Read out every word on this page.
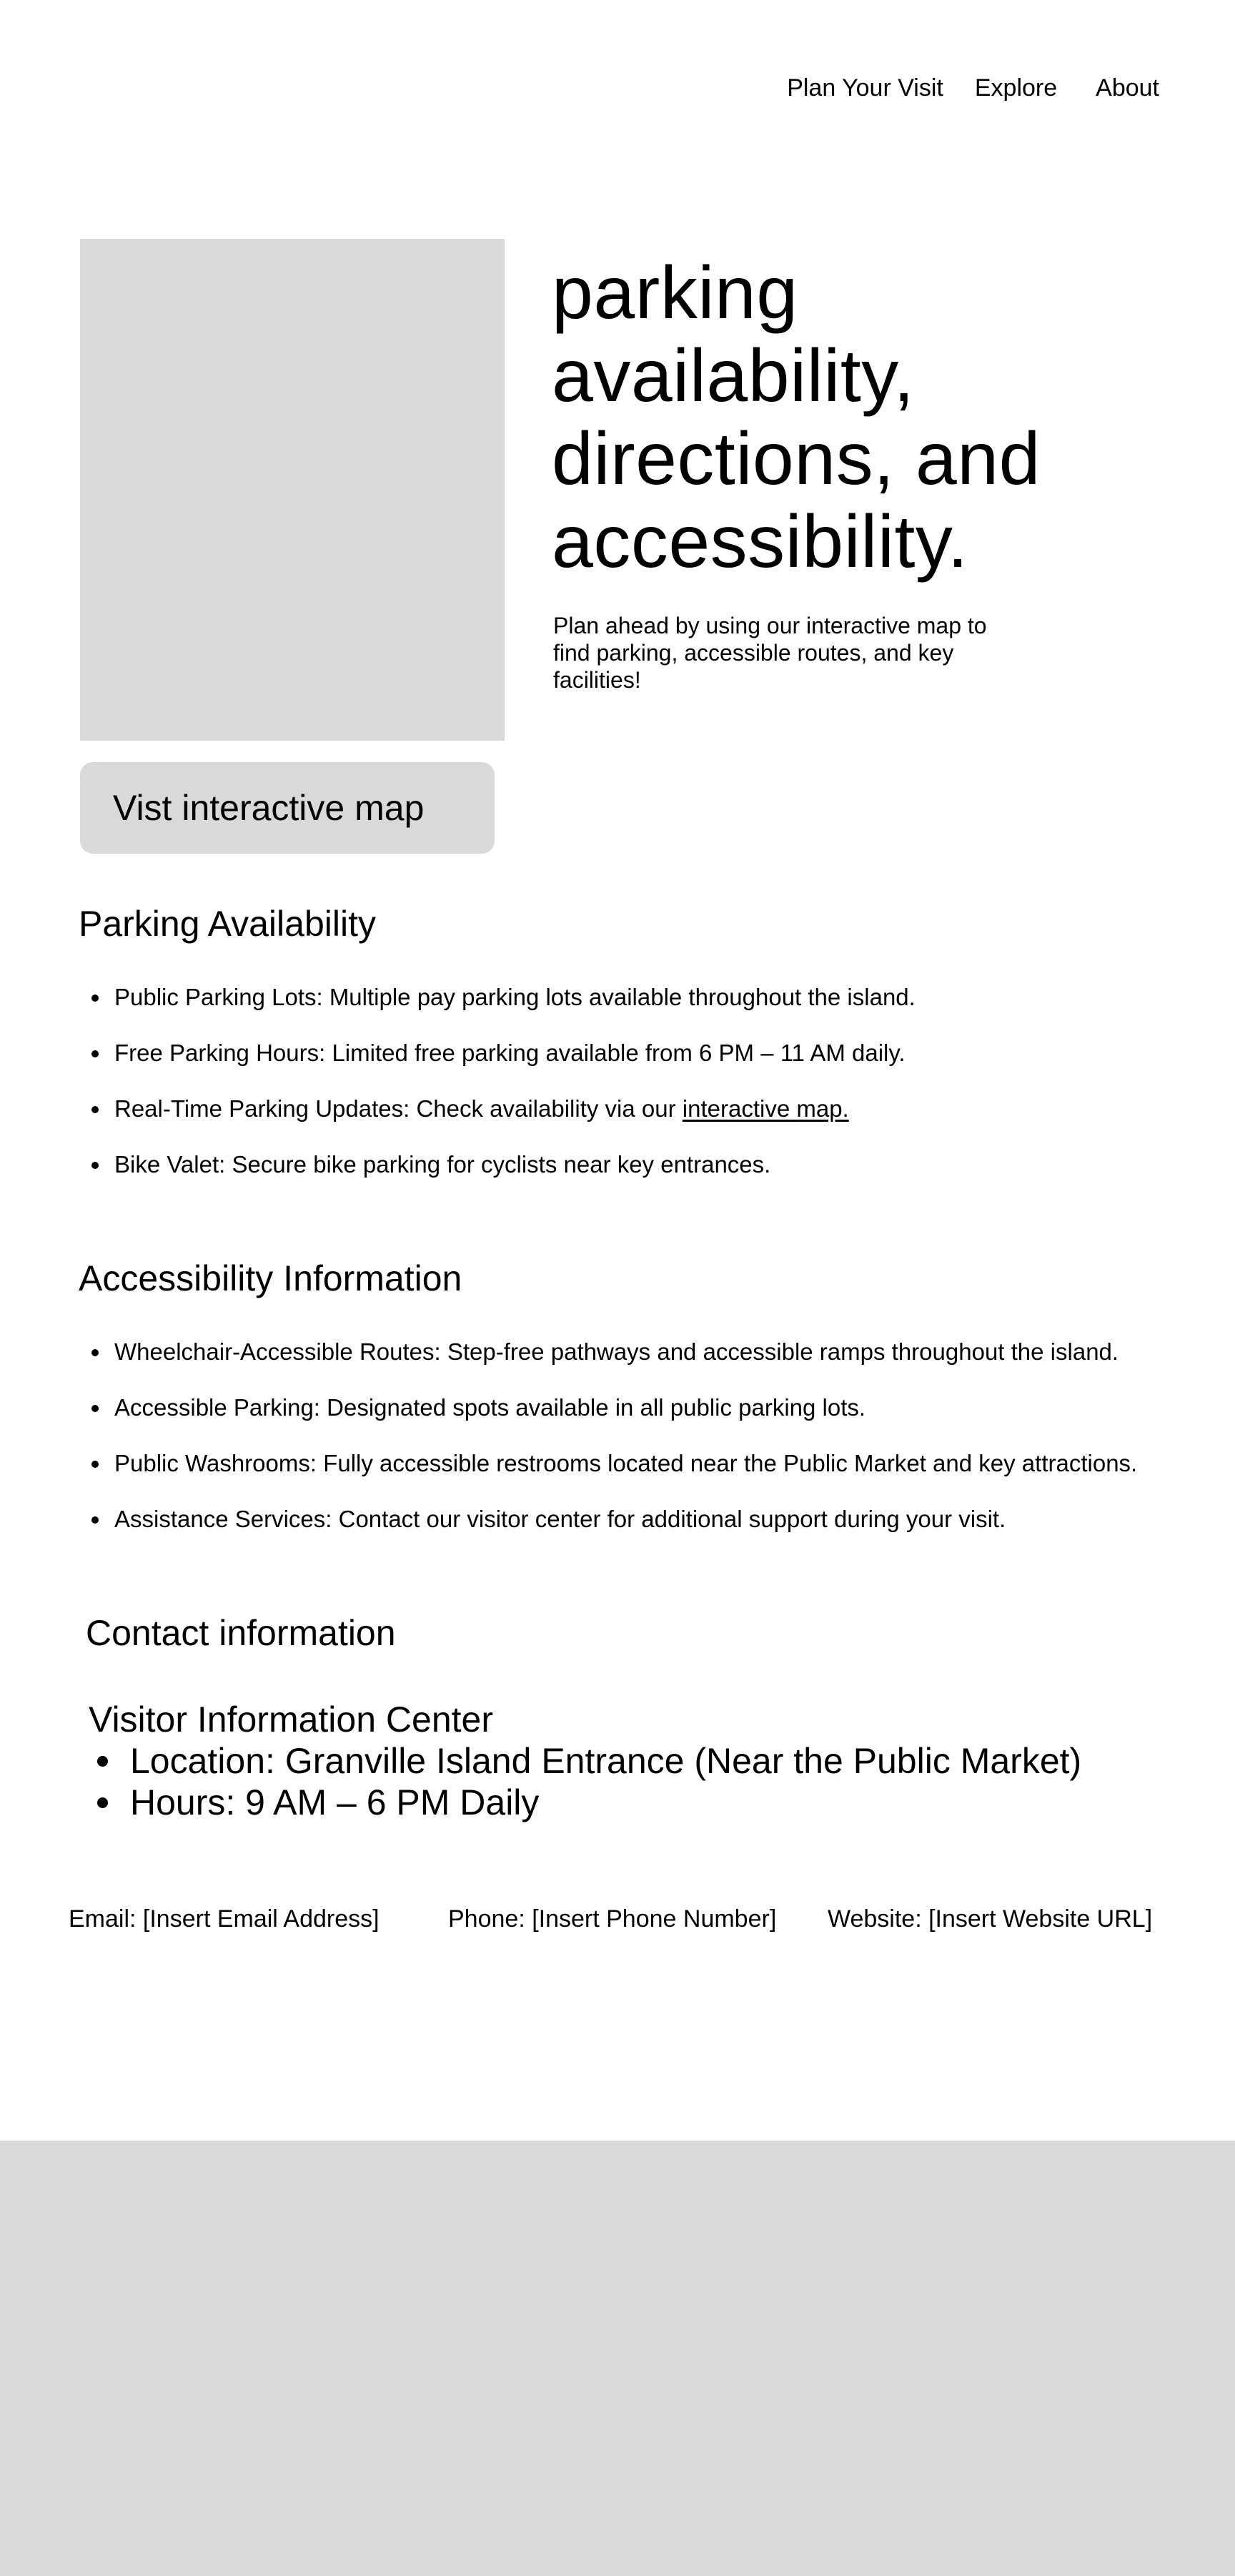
Plan Your Visit	Explore	About
parking availability, directions, and accessibility.

Plan ahead by using our interactive map to find parking, accessible routes, and key facilities!

Vist interactive map
Parking Availability
Public Parking Lots: Multiple pay parking lots available throughout the island.
Free Parking Hours: Limited free parking available from 6 PM – 11 AM daily.
Real-Time Parking Updates: Check availability via our interactive map.
Bike Valet: Secure bike parking for cyclists near key entrances.
Accessibility Information
Wheelchair-Accessible Routes: Step-free pathways and accessible ramps throughout the island.
Accessible Parking: Designated spots available in all public parking lots.
Public Washrooms: Fully accessible restrooms located near the Public Market and key attractions.
Assistance Services: Contact our visitor center for additional support during your visit.
Contact information
Visitor Information Center
Location: Granville Island Entrance (Near the Public Market)
Hours: 9 AM – 6 PM Daily
Email: [Insert Email Address]	Phone: [Insert Phone Number] Website: [Insert Website URL]
